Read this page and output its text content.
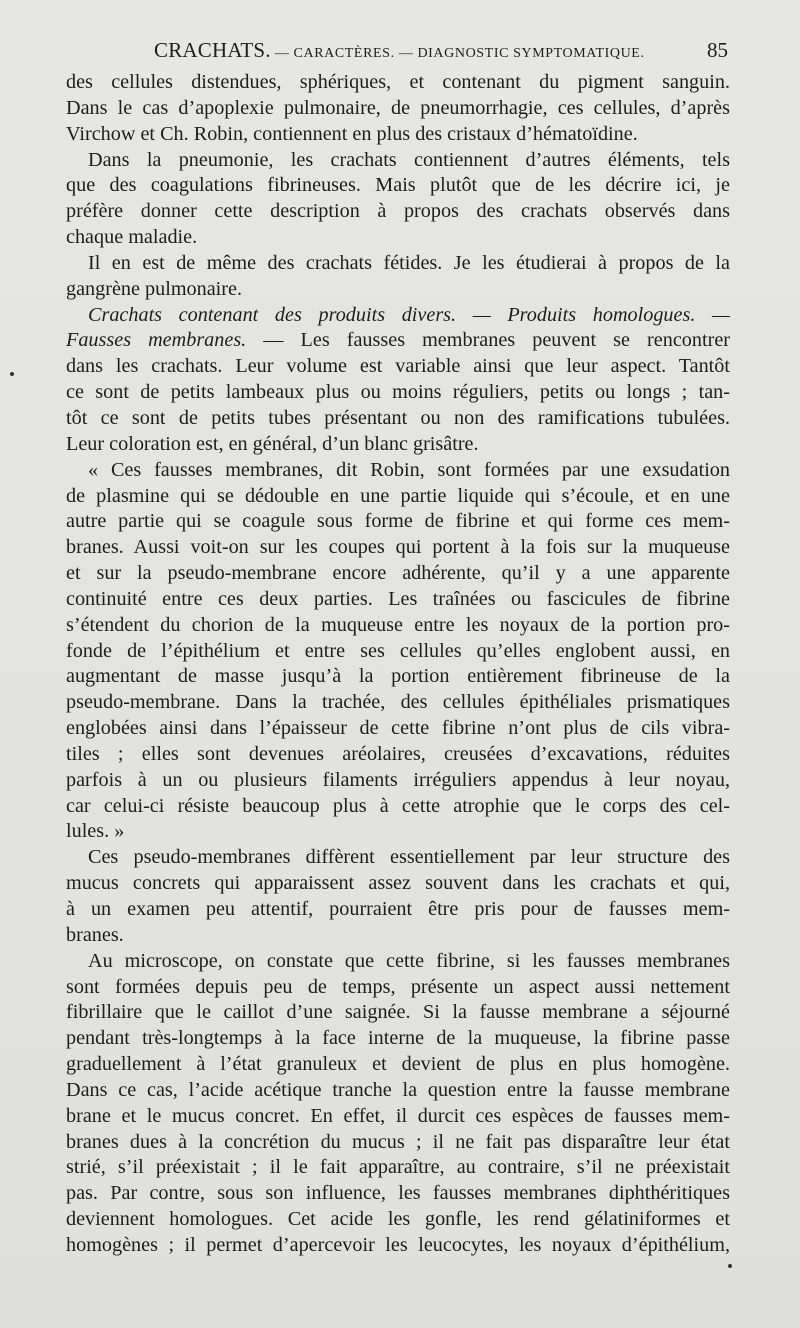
CRACHATS. — CARACTÈRES. — DIAGNOSTIC SYMPTOMATIQUE.	85

des cellules distendues, sphériques, et contenant du pigment sanguin.

Dans le cas d’apoplexie pulmonaire, de pneumorrhagie, ces cellules, d’après

Virchow et Ch. Robin, contiennent en plus des cristaux d’hématoïdine.

Dans la pneumonie, les crachats contiennent d’autres éléments, tels

que des coagulations fibrineuses. Mais plutôt que de les décrire ici, je

préfère donner cette description à propos des crachats observés dans

chaque maladie.

Il en est de même des crachats fétides. Je les étudierai à propos de la

gangrène pulmonaire.

Crachats contenant des produits divers. — Produits homologues. —

Fausses membranes. — Les fausses membranes peuvent se rencontrer

dans les crachats. Leur volume est variable ainsi que leur aspect. Tantôt

ce sont de petits lambeaux plus ou moins réguliers, petits ou longs ; tan-

tôt ce sont de petits tubes présentant ou non des ramifications tubulées.

Leur coloration est, en général, d’un blanc grisâtre.

« Ces fausses membranes, dit Robin, sont formées par une exsudation

de plasmine qui se dédouble en une partie liquide qui s’écoule, et en une

autre partie qui se coagule sous forme de fibrine et qui forme ces mem-

branes. Aussi voit-on sur les coupes qui portent à la fois sur la muqueuse

et sur la pseudo-membrane encore adhérente, qu’il y a une apparente

continuité entre ces deux parties. Les traînées ou fascicules de fibrine

s’étendent du chorion de la muqueuse entre les noyaux de la portion pro-

fonde de l’épithélium et entre ses cellules qu’elles englobent aussi, en

augmentant de masse jusqu’à la portion entièrement fibrineuse de la

pseudo-membrane. Dans la trachée, des cellules épithéliales prismatiques

englobées ainsi dans l’épaisseur de cette fibrine n’ont plus de cils vibra-

tiles ; elles sont devenues aréolaires, creusées d’excavations, réduites

parfois à un ou plusieurs filaments irréguliers appendus à leur noyau,

car celui-ci résiste beaucoup plus à cette atrophie que le corps des cel-

lules. »

Ces pseudo-membranes diffèrent essentiellement par leur structure des

mucus concrets qui apparaissent assez souvent dans les crachats et qui,

à un examen peu attentif, pourraient être pris pour de fausses mem-

branes.

Au microscope, on constate que cette fibrine, si les fausses membranes

sont formées depuis peu de temps, présente un aspect aussi nettement

fibrillaire que le caillot d’une saignée. Si la fausse membrane a séjourné

pendant très-longtemps à la face interne de la muqueuse, la fibrine passe

graduellement à l’état granuleux et devient de plus en plus homogène.

Dans ce cas, l’acide acétique tranche la question entre la fausse membrane

brane et le mucus concret. En effet, il durcit ces espèces de fausses mem-

branes dues à la concrétion du mucus ; il ne fait pas disparaître leur état

strié, s’il préexistait ; il le fait apparaître, au contraire, s’il ne préexistait

pas. Par contre, sous son influence, les fausses membranes diphthéritiques

deviennent homologues. Cet acide les gonfle, les rend gélatiniformes et

homogènes ; il permet d’apercevoir les leucocytes, les noyaux d’épithélium,
